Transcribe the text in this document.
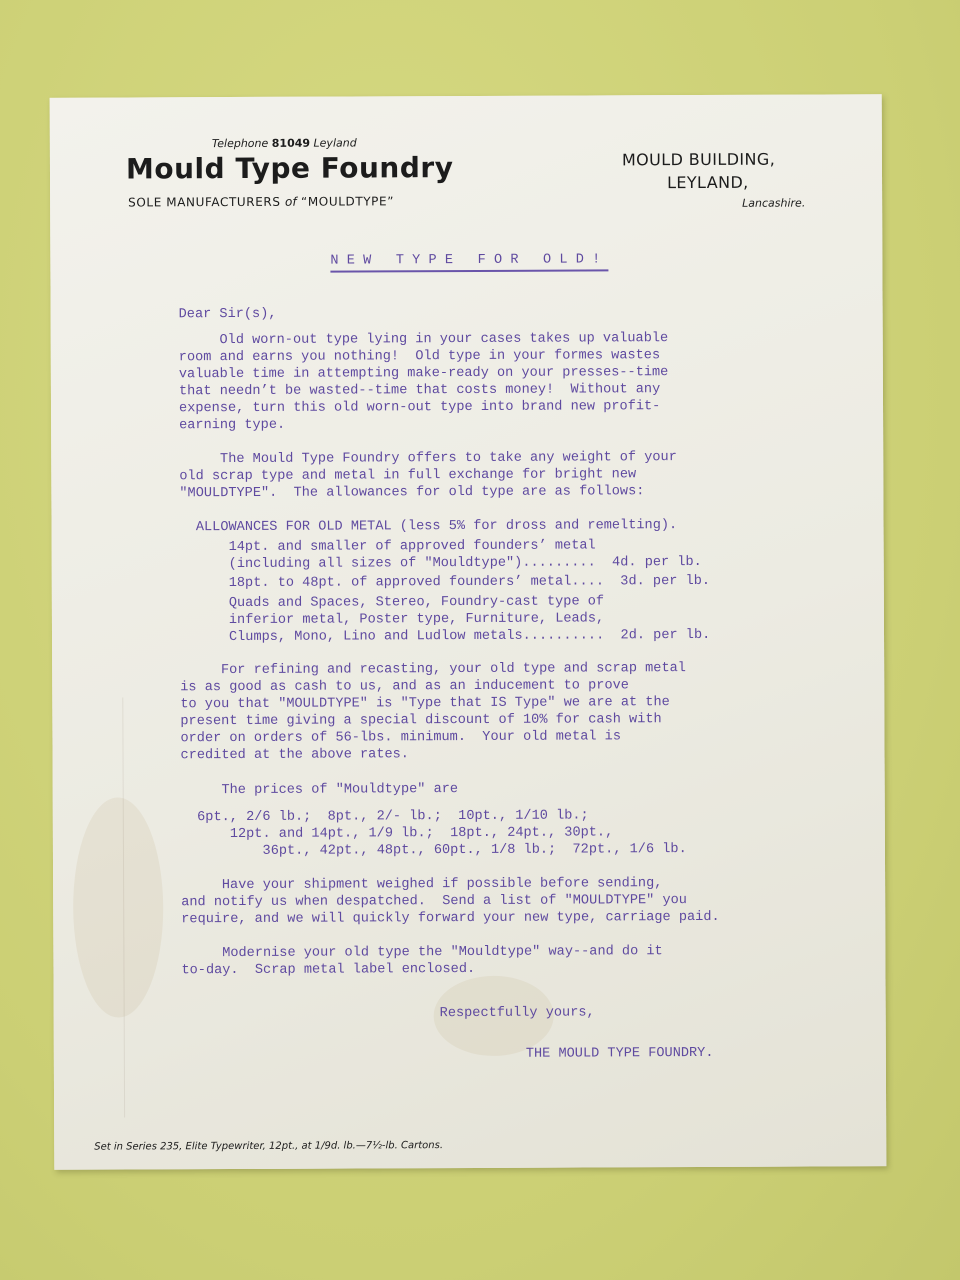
Telephone 81049 Leyland
Mould Type Foundry
SOLE MANUFACTURERS of “MOULDTYPE”
MOULD BUILDING,
LEYLAND,
Lancashire.
NEW TYPE FOR OLD!
Dear Sir(s),
Old worn-out type lying in your cases takes up valuable
room and earns you nothing!  Old type in your formes wastes
valuable time in attempting make-ready on your presses--time
that needn’t be wasted--time that costs money!  Without any
expense, turn this old worn-out type into brand new profit-
earning type.
The Mould Type Foundry offers to take any weight of your
old scrap type and metal in full exchange for bright new
"MOULDTYPE".  The allowances for old type are as follows:
ALLOWANCES FOR OLD METAL (less 5% for dross and remelting).
14pt. and smaller of approved founders’ metal
(including all sizes of "Mouldtype").........  4d. per lb.
18pt. to 48pt. of approved founders’ metal....  3d. per lb.
Quads and Spaces, Stereo, Foundry-cast type of
inferior metal, Poster type, Furniture, Leads,
Clumps, Mono, Lino and Ludlow metals..........  2d. per lb.
For refining and recasting, your old type and scrap metal
is as good as cash to us, and as an inducement to prove
to you that "MOULDTYPE" is "Type that IS Type" we are at the
present time giving a special discount of 10% for cash with
order on orders of 56-lbs. minimum.  Your old metal is
credited at the above rates.
The prices of "Mouldtype" are
6pt., 2/6 lb.;  8pt., 2/- lb.;  10pt., 1/10 lb.;
12pt. and 14pt., 1/9 lb.;  18pt., 24pt., 30pt.,
36pt., 42pt., 48pt., 60pt., 1/8 lb.;  72pt., 1/6 lb.
Have your shipment weighed if possible before sending,
and notify us when despatched.  Send a list of "MOULDTYPE" you
require, and we will quickly forward your new type, carriage paid.
Modernise your old type the "Mouldtype" way--and do it
to-day.  Scrap metal label enclosed.
Respectfully yours,
THE MOULD TYPE FOUNDRY.
Set in Series 235, Elite Typewriter, 12pt., at 1/9d. lb.—7½-lb. Cartons.
